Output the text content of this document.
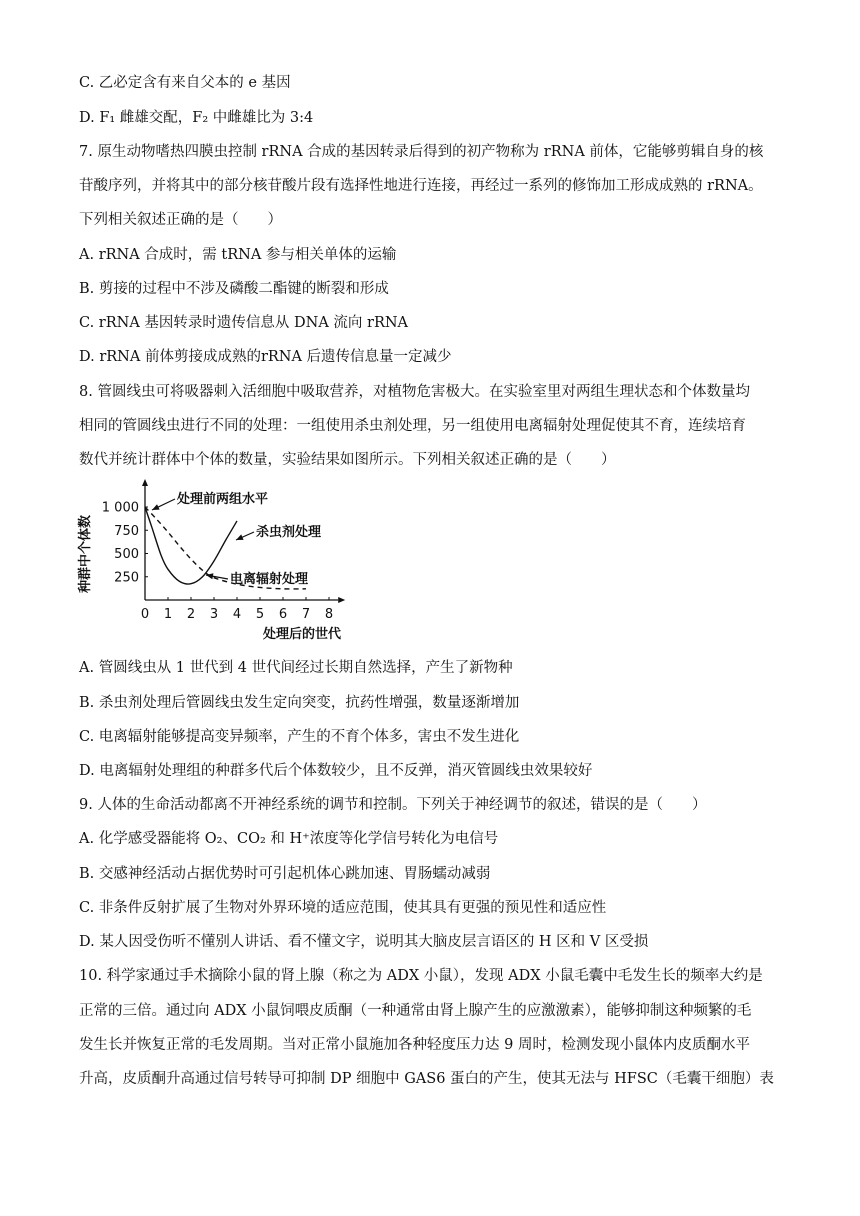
C. 乙必定含有来自父本的 e 基因
D. F₁ 雌雄交配，F₂ 中雌雄比为 3:4
7. 原生动物嗜热四膜虫控制 rRNA 合成的基因转录后得到的初产物称为 rRNA 前体，它能够剪辑自身的核
苷酸序列，并将其中的部分核苷酸片段有选择性地进行连接，再经过一系列的修饰加工形成成熟的 rRNA。
下列相关叙述正确的是（　　）
A. rRNA 合成时，需 tRNA 参与相关单体的运输
B. 剪接的过程中不涉及磷酸二酯键的断裂和形成
C. rRNA 基因转录时遗传信息从 DNA 流向 rRNA
D. rRNA 前体剪接成成熟的rRNA 后遗传信息量一定减少
8. 管圆线虫可将吸器刺入活细胞中吸取营养，对植物危害极大。在实验室里对两组生理状态和个体数量均
相同的管圆线虫进行不同的处理：一组使用杀虫剂处理，另一组使用电离辐射处理促使其不育，连续培育
数代并统计群体中个体的数量，实验结果如图所示。下列相关叙述正确的是（　　）
A. 管圆线虫从 1 世代到 4 世代间经过长期自然选择，产生了新物种
B. 杀虫剂处理后管圆线虫发生定向突变，抗药性增强，数量逐渐增加
C. 电离辐射能够提高变异频率，产生的不育个体多，害虫不发生进化
D. 电离辐射处理组的种群多代后个体数较少，且不反弹，消灭管圆线虫效果较好
9. 人体的生命活动都离不开神经系统的调节和控制。下列关于神经调节的叙述，错误的是（　　）
A. 化学感受器能将 O₂、CO₂ 和 H⁺浓度等化学信号转化为电信号
B. 交感神经活动占据优势时可引起机体心跳加速、胃肠蠕动减弱
C. 非条件反射扩展了生物对外界环境的适应范围，使其具有更强的预见性和适应性
D. 某人因受伤听不懂别人讲话、看不懂文字，说明其大脑皮层言语区的 H 区和 V 区受损
10. 科学家通过手术摘除小鼠的肾上腺（称之为 ADX 小鼠），发现 ADX 小鼠毛囊中毛发生长的频率大约是
正常的三倍。通过向 ADX 小鼠饲喂皮质酮（一种通常由肾上腺产生的应激激素），能够抑制这种频繁的毛
发生长并恢复正常的毛发周期。当对正常小鼠施加各种轻度压力达 9 周时，检测发现小鼠体内皮质酮水平
升高，皮质酮升高通过信号转导可抑制 DP 细胞中 GAS6 蛋白的产生，使其无法与 HFSC（毛囊干细胞）表
0 1 2 3 4 5 6 7 8
1 000
750
500
250
处理前两组水平
杀虫剂处理
电离辐射处理
种群中个体数
处理后的世代
